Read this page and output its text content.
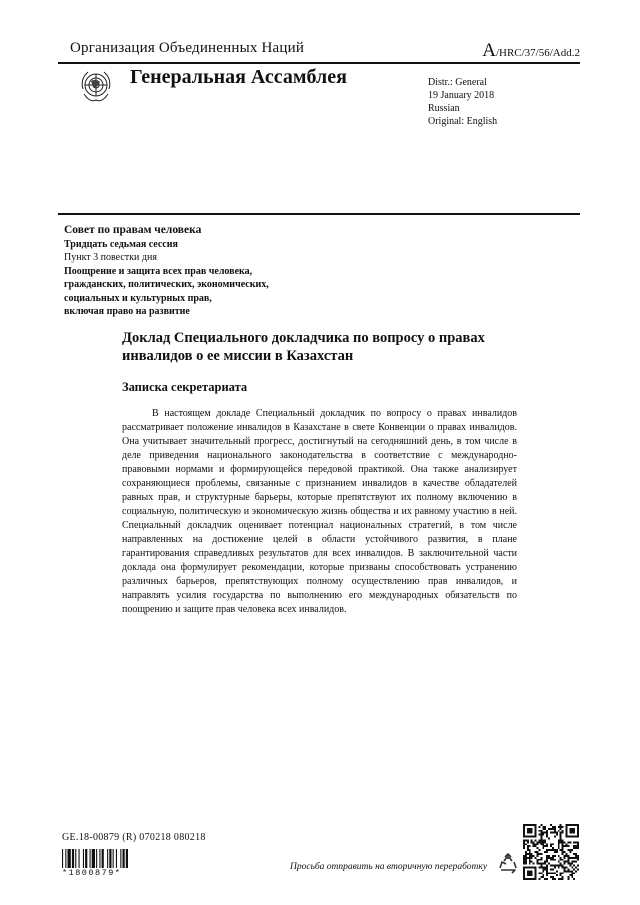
Организация Объединенных Наций	A/HRC/37/56/Add.2
Генеральная Ассамблея	Distr.: General
19 January 2018
Russian
Original: English
Совет по правам человека
Тридцать седьмая сессия
Пункт 3 повестки дня
Поощрение и защита всех прав человека,
гражданских, политических, экономических,
социальных и культурных прав,
включая право на развитие
Доклад Специального докладчика по вопросу о правах инвалидов о ее миссии в Казахстан
Записка секретариата
В настоящем докладе Специальный докладчик по вопросу о правах инвалидов рассматривает положение инвалидов в Казахстане в свете Конвенции о правах инвалидов. Она учитывает значительный прогресс, достигнутый на сегодняшний день, в том числе в деле приведения национального законодательства в соответствие с международно-правовыми нормами и формирующейся передовой практикой. Она также анализирует сохраняющиеся проблемы, связанные с признанием инвалидов в качестве обладателей равных прав, и структурные барьеры, которые препятствуют их полному включению в социальную, политическую и экономическую жизнь общества и их равному участию в ней. Специальный докладчик оценивает потенциал национальных стратегий, в том числе направленных на достижение целей в области устойчивого развития, в плане гарантирования справедливых результатов для всех инвалидов. В заключительной части доклада она формулирует рекомендации, которые призваны способствовать устранению различных барьеров, препятствующих полному осуществлению прав инвалидов, и направлять усилия государства по выполнению его международных обязательств по поощрению и защите прав человека всех инвалидов.
GE.18-00879 (R) 070218 080218
*1800879*
Просьба отправить на вторичную переработку
